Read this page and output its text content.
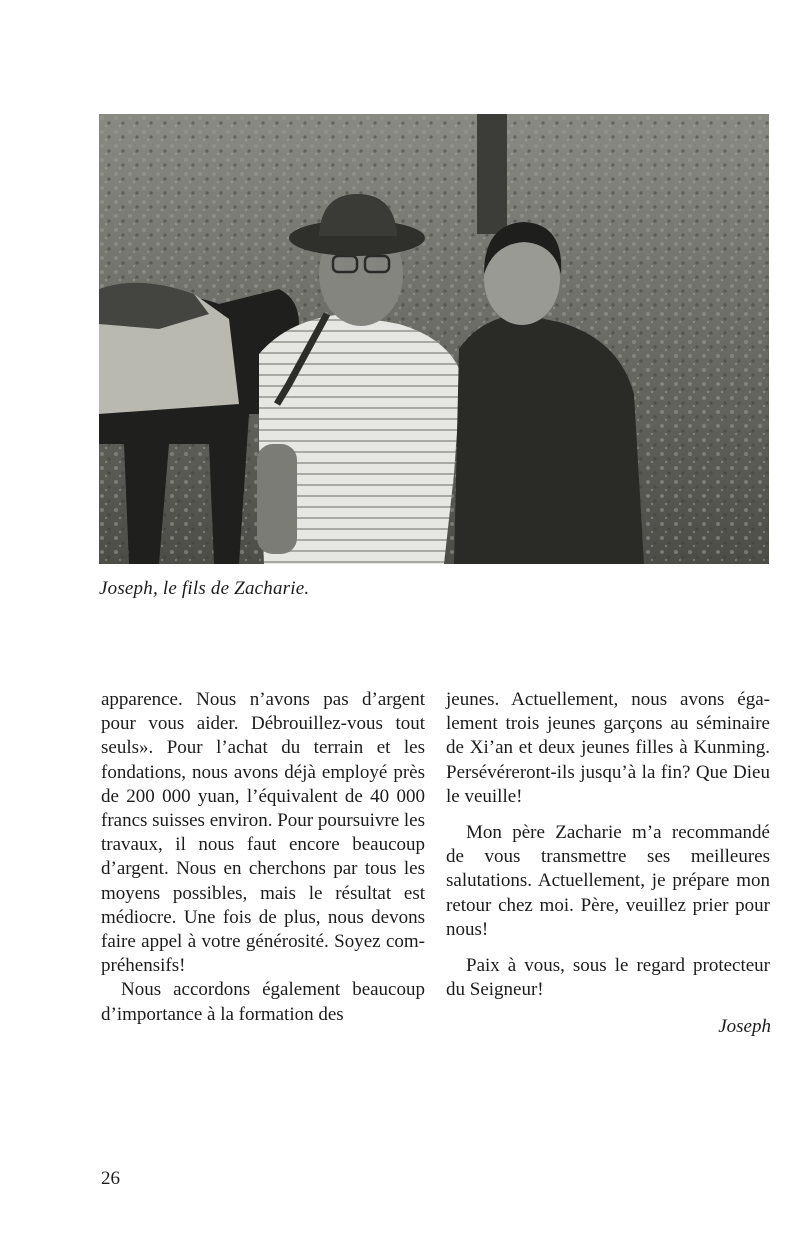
Joseph, le fils de Zacharie.

apparence. Nous n’avons pas d’argent pour vous aider. Débrouillez-vous tout seuls». Pour l’achat du terrain et les fondations, nous avons déjà employé près de 200 000 yuan, l’équivalent de 40 000 francs suisses environ. Pour poursuivre les travaux, il nous faut encore beaucoup d’argent. Nous en cherchons par tous les moyens possibles, mais le résultat est médiocre. Une fois de plus, nous devons faire appel à votre générosité. Soyez compréhensifs!

Nous accordons également beaucoup d’importance à la formation des

jeunes. Actuellement, nous avons également trois jeunes garçons au séminaire de Xi’an et deux jeunes filles à Kunming. Persévéreront-ils jusqu’à la fin? Que Dieu le veuille!

Mon père Zacharie m’a recommandé de vous transmettre ses meilleures salutations. Actuellement, je prépare mon retour chez moi. Père, veuillez prier pour nous!

Paix à vous, sous le regard protecteur du Seigneur!

Joseph
26
